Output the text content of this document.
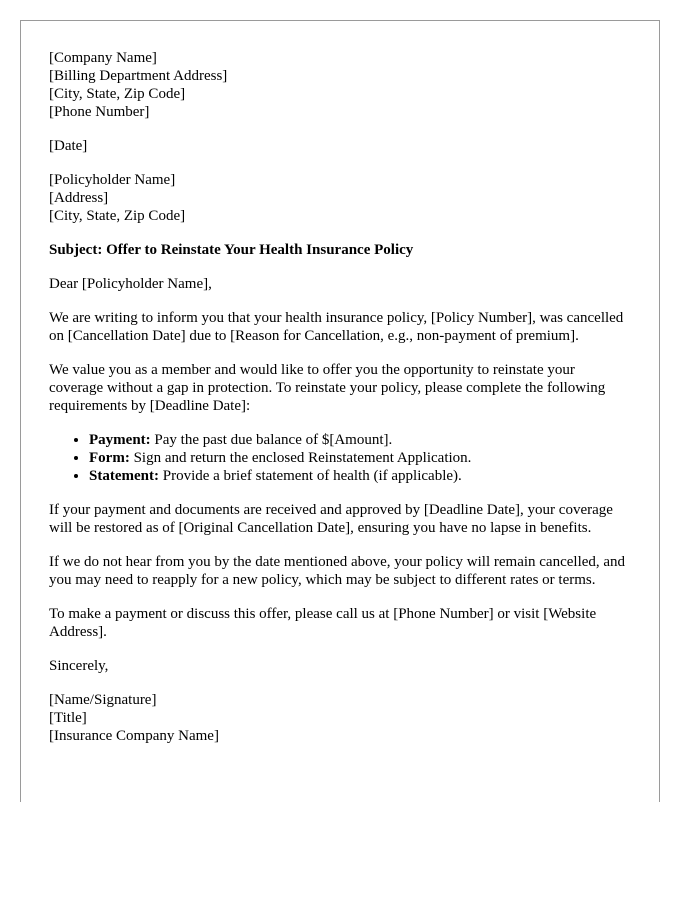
[Company Name]
[Billing Department Address]
[City, State, Zip Code]
[Phone Number]

[Date]

[Policyholder Name]
[Address]
[City, State, Zip Code]

Subject: Offer to Reinstate Your Health Insurance Policy

Dear [Policyholder Name],

We are writing to inform you that your health insurance policy, [Policy Number], was cancelled on [Cancellation Date] due to [Reason for Cancellation, e.g., non-payment of premium].

We value you as a member and would like to offer you the opportunity to reinstate your coverage without a gap in protection. To reinstate your policy, please complete the following requirements by [Deadline Date]:

• Payment: Pay the past due balance of $[Amount].
• Form: Sign and return the enclosed Reinstatement Application.
• Statement: Provide a brief statement of health (if applicable).

If your payment and documents are received and approved by [Deadline Date], your coverage will be restored as of [Original Cancellation Date], ensuring you have no lapse in benefits.

If we do not hear from you by the date mentioned above, your policy will remain cancelled, and you may need to reapply for a new policy, which may be subject to different rates or terms.

To make a payment or discuss this offer, please call us at [Phone Number] or visit [Website Address].

Sincerely,

[Name/Signature]
[Title]
[Insurance Company Name]
